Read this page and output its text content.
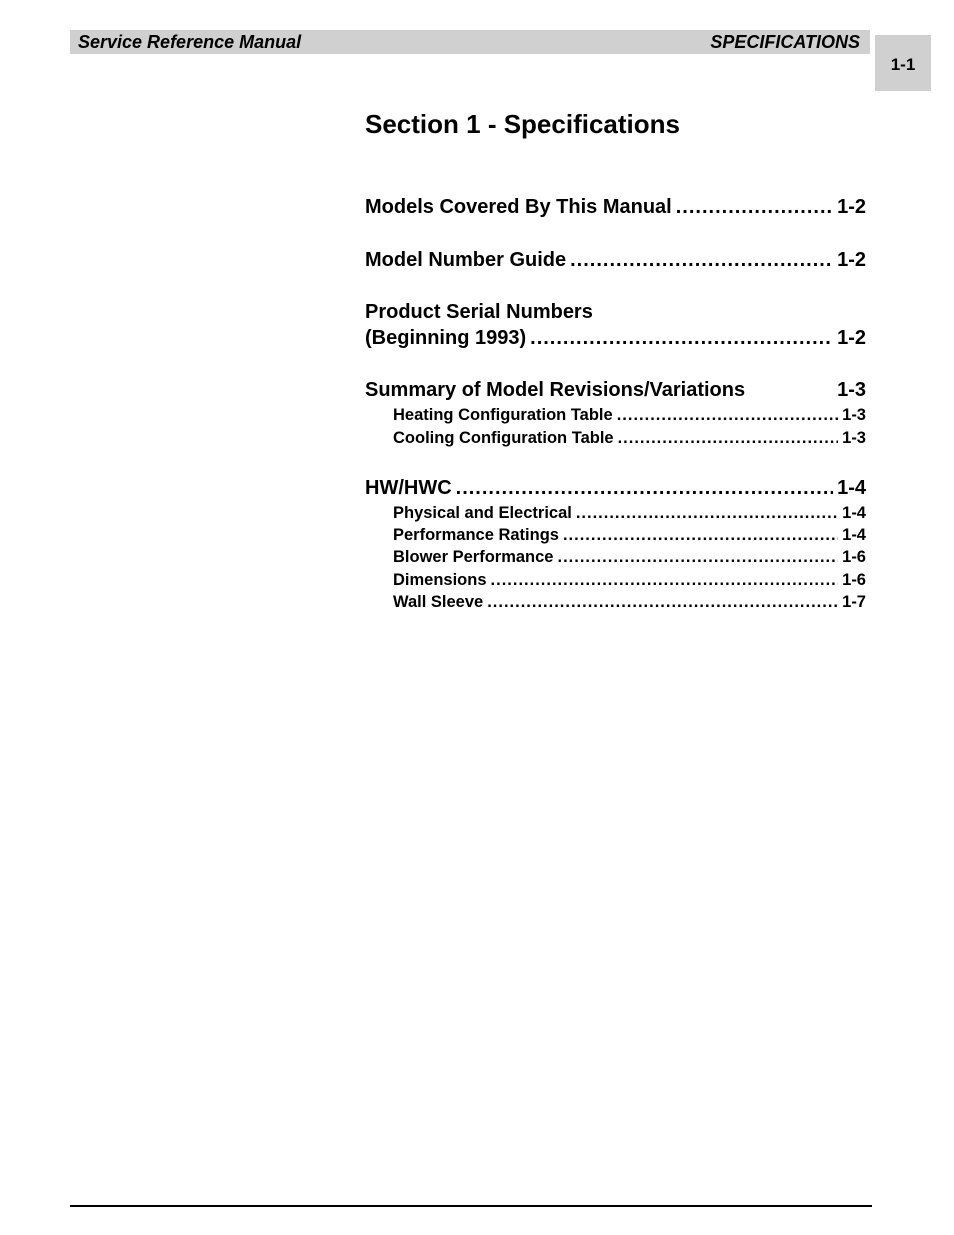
Service Reference Manual	SPECIFICATIONS
1-1
Section 1 - Specifications
Models Covered By This Manual .....	1-2
Model Number Guide .....	1-2
Product Serial Numbers
(Beginning 1993) .....	1-2
Summary of Model Revisions/Variations	1-3
Heating Configuration Table .....	1-3
Cooling Configuration Table .....	1-3
HW/HWC .....	1-4
Physical and Electrical .....	1-4
Performance Ratings .....	1-4
Blower Performance .....	1-6
Dimensions .....	1-6
Wall Sleeve .....	1-7
